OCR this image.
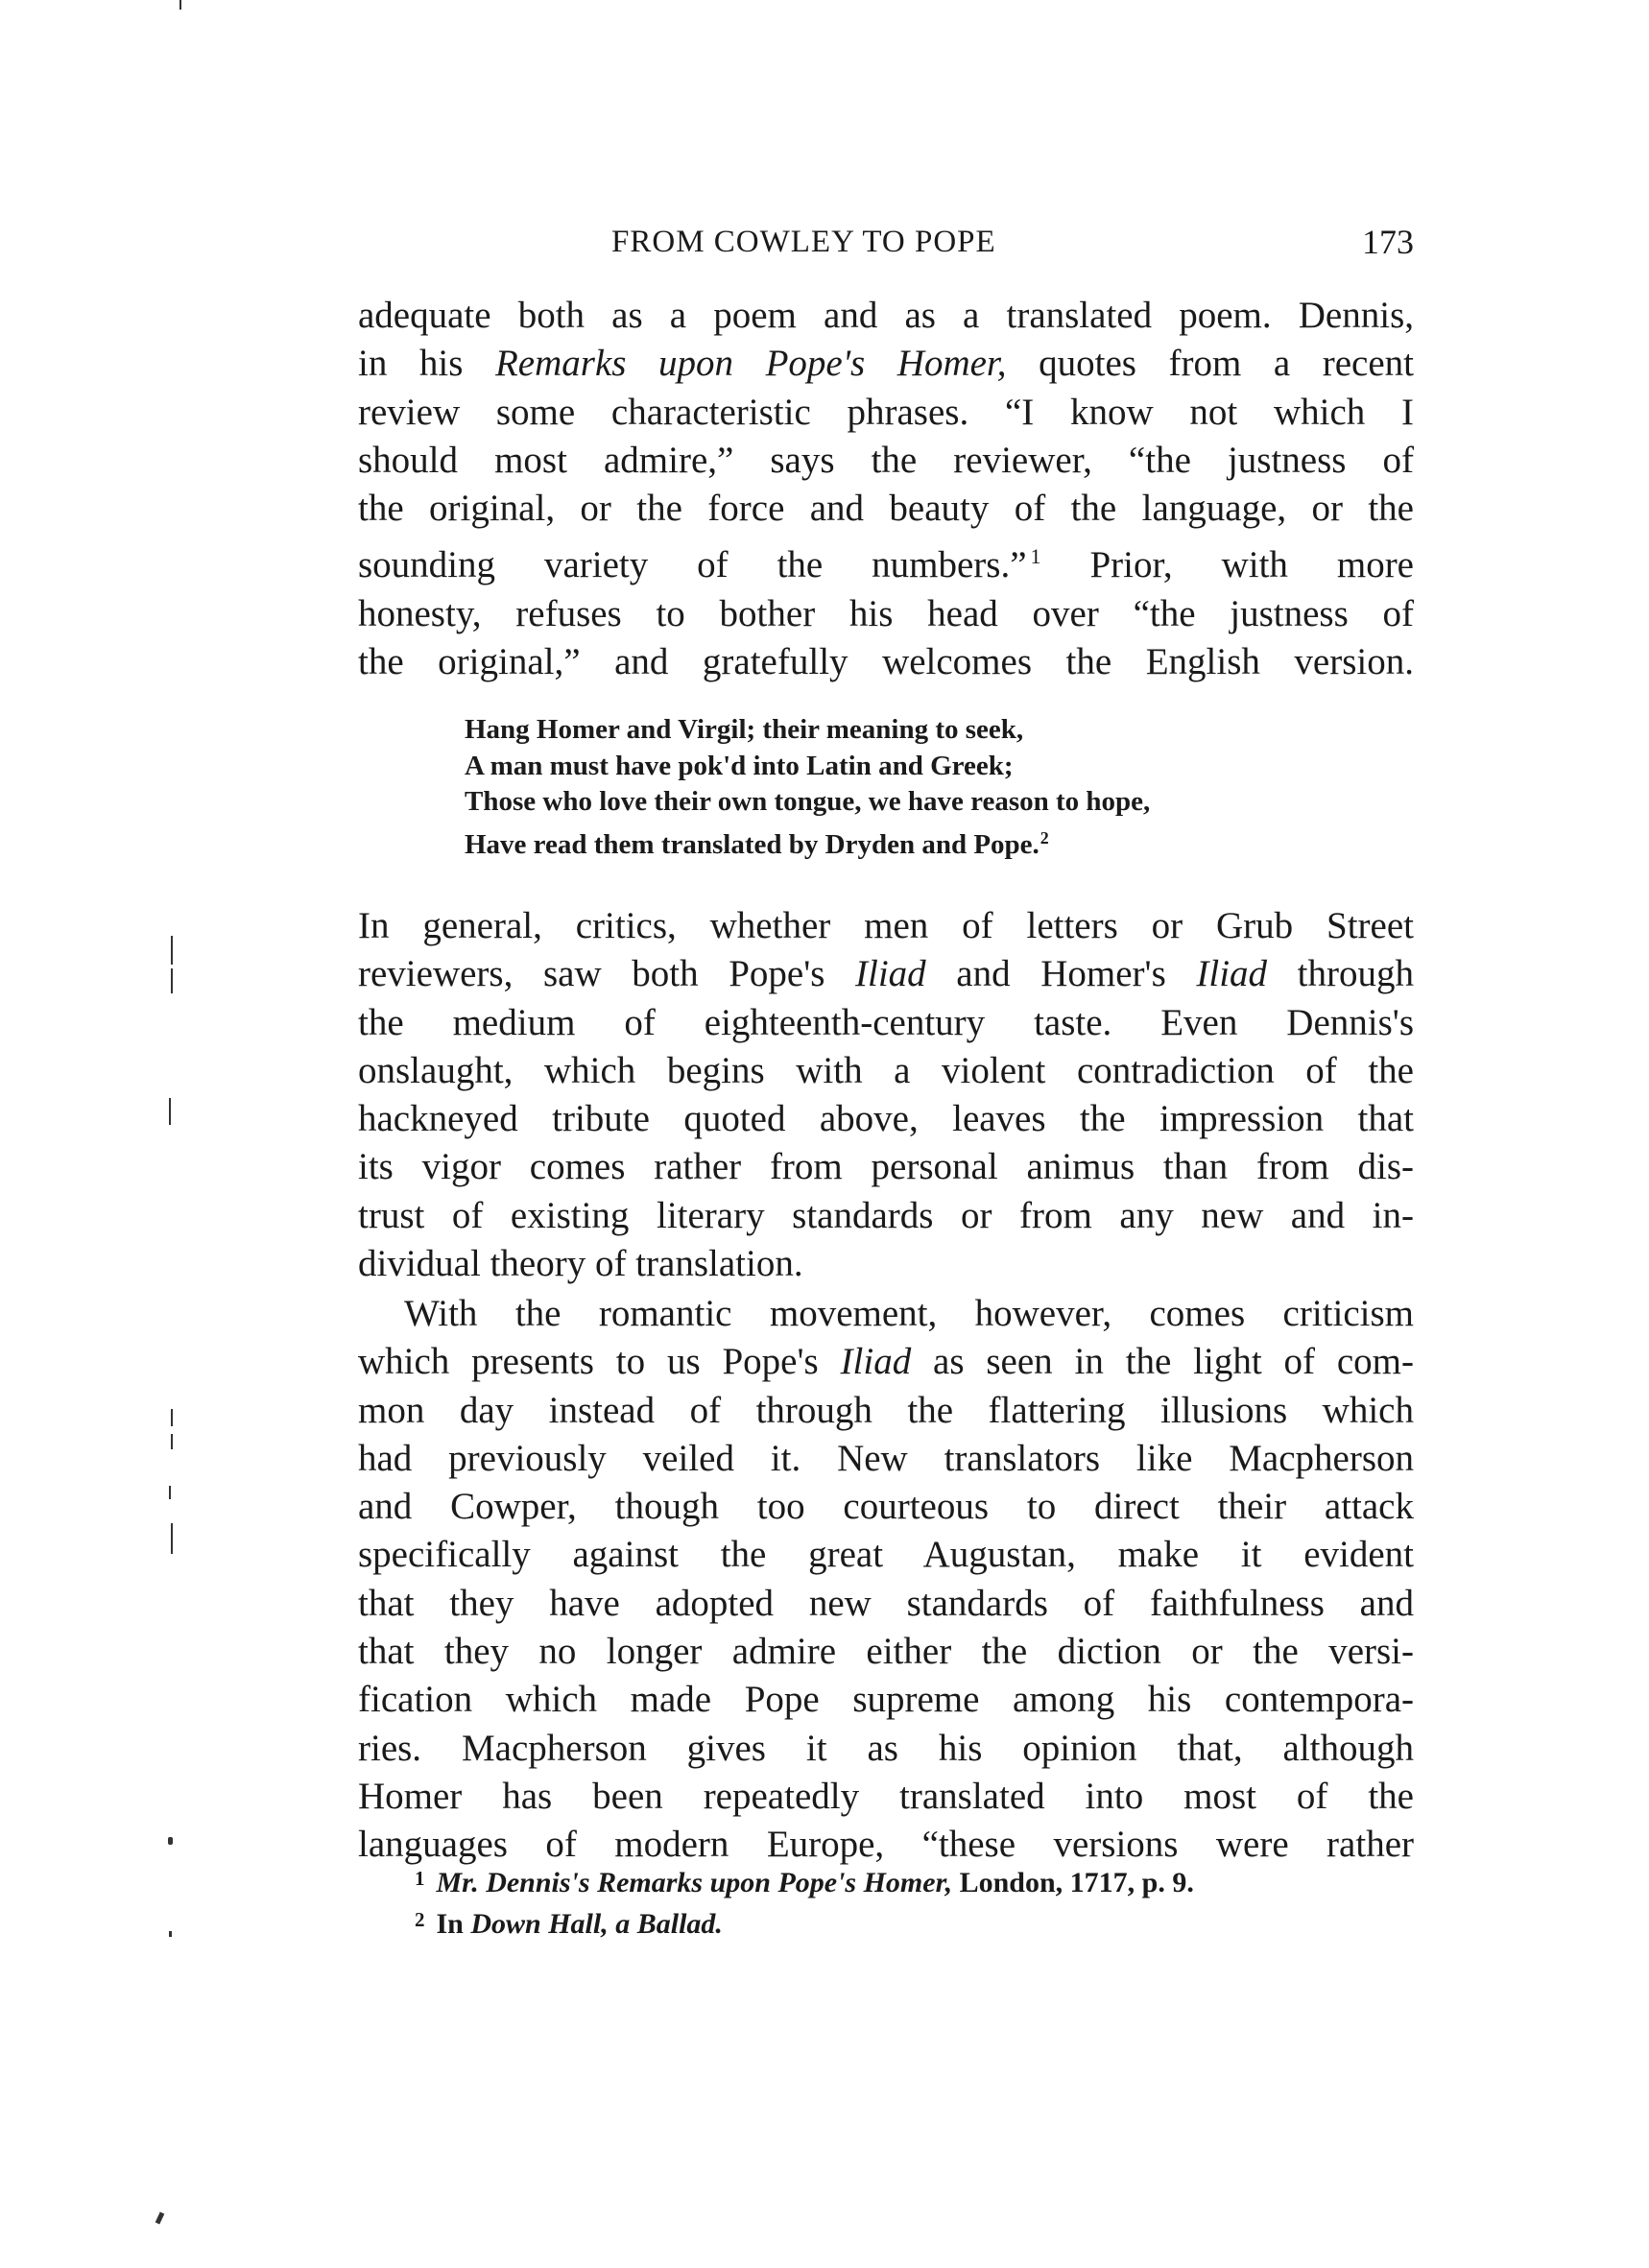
FROM COWLEY TO POPE	173
adequate both as a poem and as a translated poem. Dennis,
in his Remarks upon Pope's Homer, quotes from a recent
review some characteristic phrases. “I know not which I
should most admire,” says the reviewer, “the justness of
the original, or the force and beauty of the language, or the
sounding variety of the numbers.” $^1$ Prior, with more
honesty, refuses to bother his head over “the justness of
the original,” and gratefully welcomes the English version.
Hang Homer and Virgil; their meaning to seek,
A man must have pok'd into Latin and Greek;
Those who love their own tongue, we have reason to hope,
Have read them translated by Dryden and Pope.$^2$
In general, critics, whether men of letters or Grub Street
reviewers, saw both Pope's Iliad and Homer's Iliad through
the medium of eighteenth-century taste. Even Dennis's
onslaught, which begins with a violent contradiction of the
hackneyed tribute quoted above, leaves the impression that
its vigor comes rather from personal animus than from dis-
trust of existing literary standards or from any new and in-
dividual theory of translation.
With the romantic movement, however, comes criticism
which presents to us Pope's Iliad as seen in the light of com-
mon day instead of through the flattering illusions which
had previously veiled it. New translators like Macpherson
and Cowper, though too courteous to direct their attack
specifically against the great Augustan, make it evident
that they have adopted new standards of faithfulness and
that they no longer admire either the diction or the versi-
fication which made Pope supreme among his contempora-
ries. Macpherson gives it as his opinion that, although
Homer has been repeatedly translated into most of the
languages of modern Europe, “these versions were rather
$^1$ Mr. Dennis's Remarks upon Pope's Homer, London, 1717, p. 9.
$^2$ In Down Hall, a Ballad.
